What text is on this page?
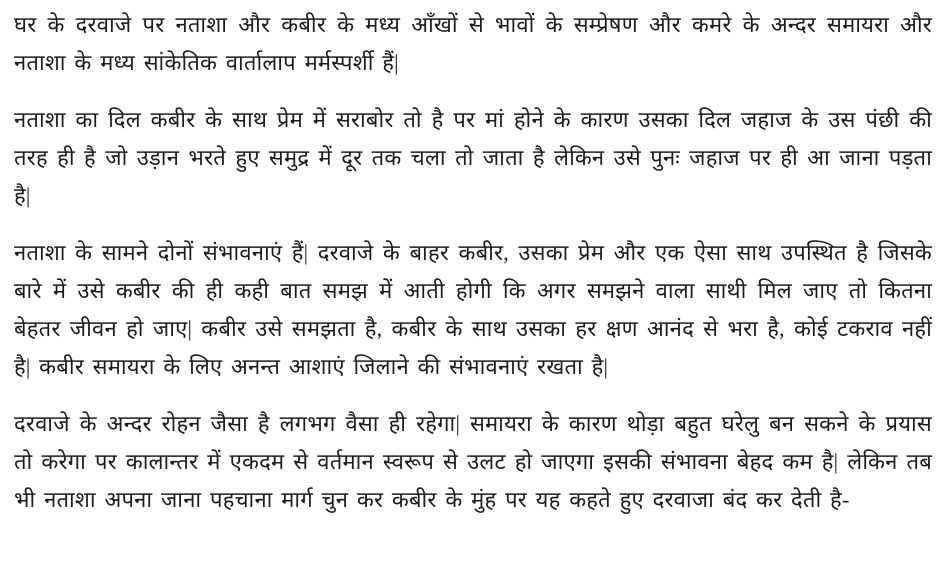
घर के दरवाजे पर नताशा और कबीर के मध्य आँखों से भावों के सम्प्रेषण और कमरे के अन्दर समायरा और नताशा के मध्य सांकेतिक वार्तालाप मर्मस्पर्शी हैं|

नताशा का दिल कबीर के साथ प्रेम में सराबोर तो है पर मां होने के कारण उसका दिल जहाज के उस पंछी की तरह ही है जो उड़ान भरते हुए समुद्र में दूर तक चला तो जाता है लेकिन उसे पुनः जहाज पर ही आ जाना पड़ता है|

नताशा के सामने दोनों संभावनाएं हैं| दरवाजे के बाहर कबीर, उसका प्रेम और एक ऐसा साथ उपस्थित है जिसके बारे में उसे कबीर की ही कही बात समझ में आती होगी कि अगर समझने वाला साथी मिल जाए तो कितना बेहतर जीवन हो जाए| कबीर उसे समझता है, कबीर के साथ उसका हर क्षण आनंद से भरा है, कोई टकराव नहीं है| कबीर समायरा के लिए अनन्त आशाएं जिलाने की संभावनाएं रखता है|

दरवाजे के अन्दर रोहन जैसा है लगभग वैसा ही रहेगा| समायरा के कारण थोड़ा बहुत घरेलु बन सकने के प्रयास तो करेगा पर कालान्तर में एकदम से वर्तमान स्वरूप से उलट हो जाएगा इसकी संभावना बेहद कम है| लेकिन तब भी नताशा अपना जाना पहचाना मार्ग चुन कर कबीर के मुंह पर यह कहते हुए दरवाजा बंद कर देती है-
